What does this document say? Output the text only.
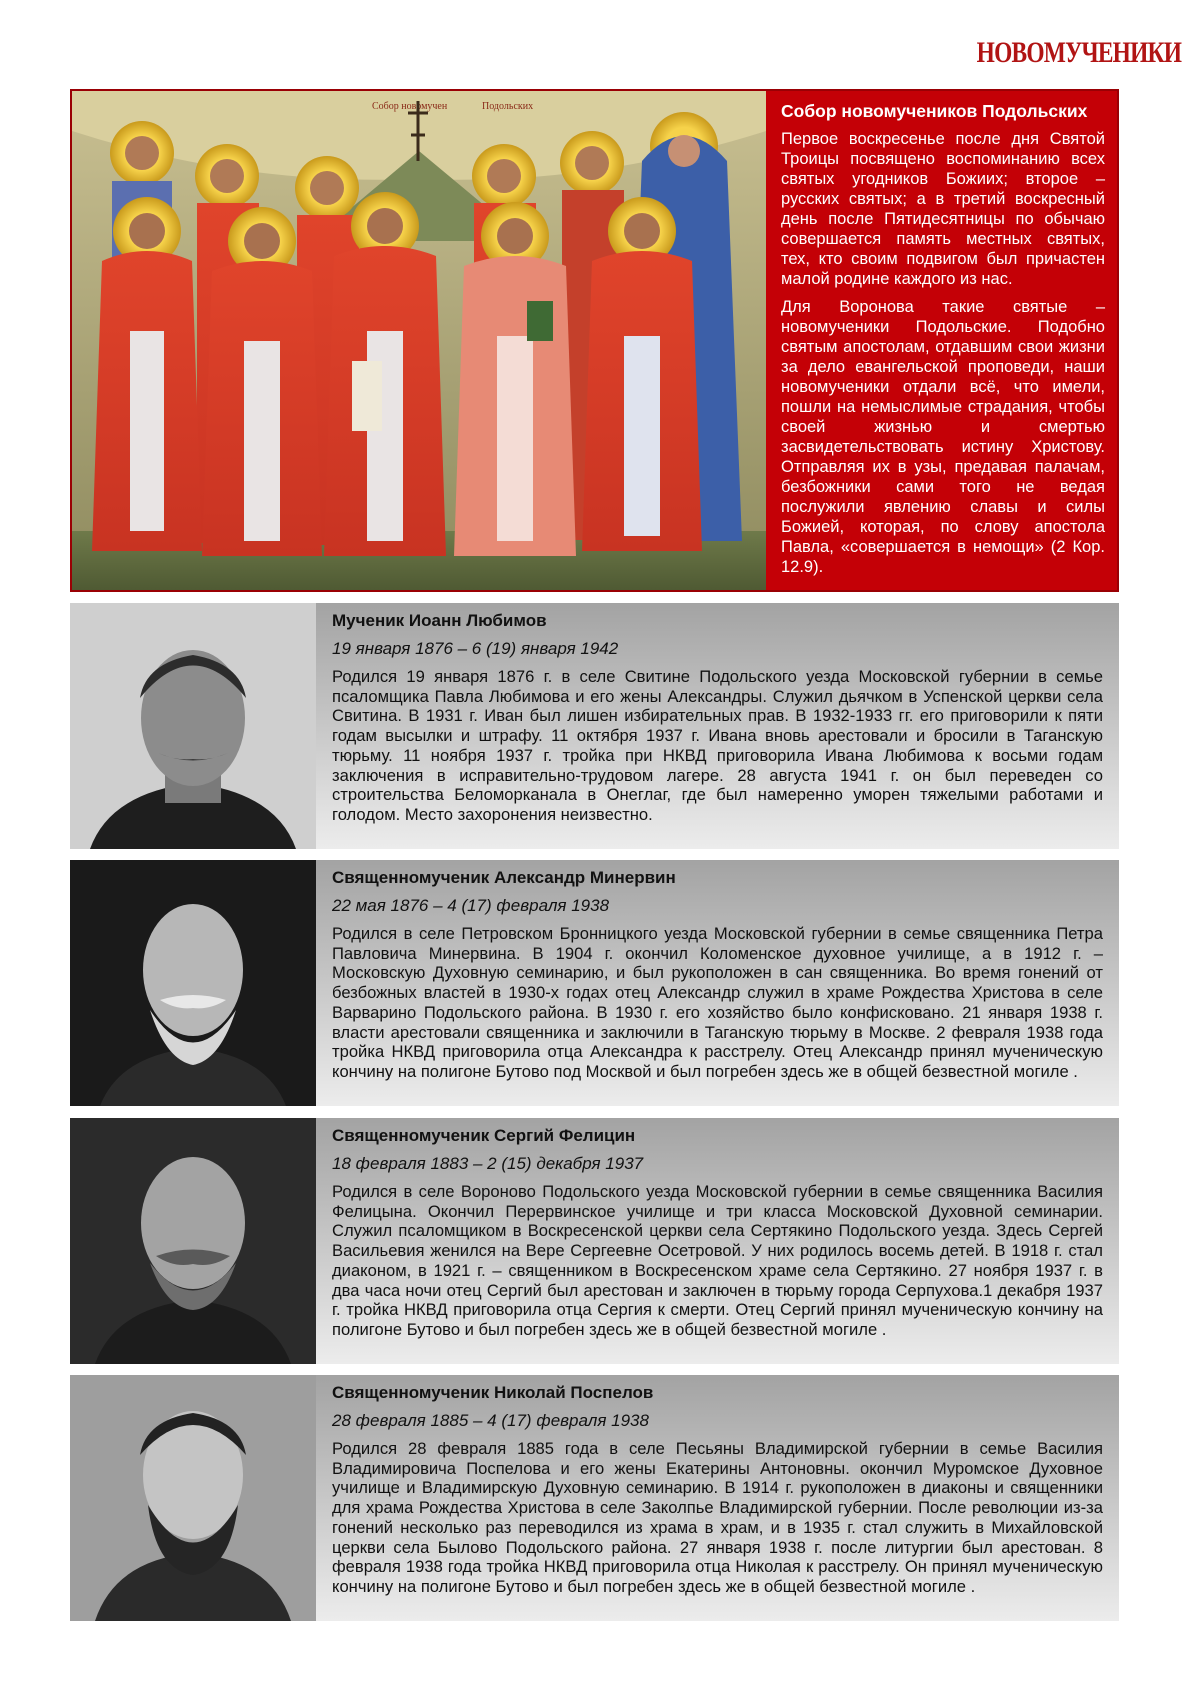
НОВОМУЧЕНИКИ
Собор новомучен	Подольских	Собор новомучеников Подольских

Первое воскресенье после дня Святой Троицы посвящено воспоминанию всех святых угодников Божиих; второе – русских святых; а в третий воскресный день после Пятидесятницы по обычаю совершается память местных святых, тех, кто своим подвигом был причастен малой родине каждого из нас.

Для Воронова такие святые – новомученики Подольские. Подобно святым апостолам, отдавшим свои жизни за дело евангельской проповеди, наши новомученики отдали всё, что имели, пошли на немыслимые страдания, чтобы своей жизнью и смертью засвидетельствовать истину Христову. Отправляя их в узы, предавая палачам, безбожники сами того не ведая послужили явлению славы и силы Божией, которая, по слову апостола Павла, «совершается в немощи» (2 Кор. 12.9).

Мученик Иоанн Любимов
19 января 1876 – 6 (19) января 1942
Родился 19 января 1876 г. в селе Свитине Подольского уезда Московской губернии в семье псаломщика Павла Любимова и его жены Александры. Служил дьячком в Успенской церкви села Свитина. В 1931 г. Иван был лишен избирательных прав. В 1932-1933 гг. его приговорили к пяти годам высылки и штрафу. 11 октября 1937 г. Ивана вновь арестовали и бросили в Таганскую тюрьму. 11 ноября 1937 г. тройка при НКВД приговорила Ивана Любимова к восьми годам заключения в исправительно-трудовом лагере. 28 августа 1941 г. он был переведен со строительства Беломорканала в Онеглаг, где был намеренно уморен тяжелыми работами и голодом. Место захоронения неизвестно.
Священномученик Александр Минервин
22 мая 1876 – 4 (17) февраля 1938
Родился в селе Петровском Бронницкого уезда Московской губернии в семье священника Петра Павловича Минервина. В 1904 г. окончил Коломенское духовное училище, а в 1912 г. – Московскую Духовную семинарию, и был рукоположен в сан священника. Во время гонений от безбожных властей в 1930-х годах отец Александр служил в храме Рождества Христова в селе Варварино Подольского района. В 1930 г. его хозяйство было конфисковано. 21 января 1938 г. власти арестовали священника и заключили в Таганскую тюрьму в Москве. 2 февраля 1938 года тройка НКВД приговорила отца Александра к расстрелу. Отец Александр принял мученическую кончину на полигоне Бутово под Москвой и был погребен здесь же в общей безвестной могиле .
Священномученик Сергий Фелицин
18 февраля 1883 – 2 (15) декабря 1937
Родился в селе Вороново Подольского уезда Московской губернии в семье священника Василия Фелицына. Окончил Перервинское училище и три класса Московской Духовной семинарии. Служил псаломщиком в Воскресенской церкви села Сертякино Подольского уезда. Здесь Сергей Васильевия женился на Вере Сергеевне Осетровой. У них родилось восемь детей. В 1918 г. стал диаконом, в 1921 г. – священником в Воскресенском храме села Сертякино. 27 ноября 1937 г. в два часа ночи отец Сергий был арестован и заключен в тюрьму города Серпухова.1 декабря 1937 г. тройка НКВД приговорила отца Сергия к смерти. Отец Сергий принял мученическую кончину на полигоне Бутово и был погребен здесь же в общей безвестной могиле .
Священномученик Николай Поспелов
28 февраля 1885 – 4 (17) февраля 1938
Родился 28 февраля 1885 года в селе Песьяны Владимирской губернии в семье Василия Владимировича Поспелова и его жены Екатерины Антоновны. окончил Муромское Духовное училище и Владимирскую Духовную семинарию. В 1914 г. рукоположен в диаконы и священники для храма Рождества Христова в селе Заколпье Владимирской губернии. После революции из-за гонений несколько раз переводился из храма в храм, и в 1935 г. стал служить в Михайловской церкви села Былово Подольского района. 27 января 1938 г. после литургии был арестован. 8 февраля 1938 года тройка НКВД приговорила отца Николая к расстрелу. Он принял мученическую кончину на полигоне Бутово и был погребен здесь же в общей безвестной могиле .
